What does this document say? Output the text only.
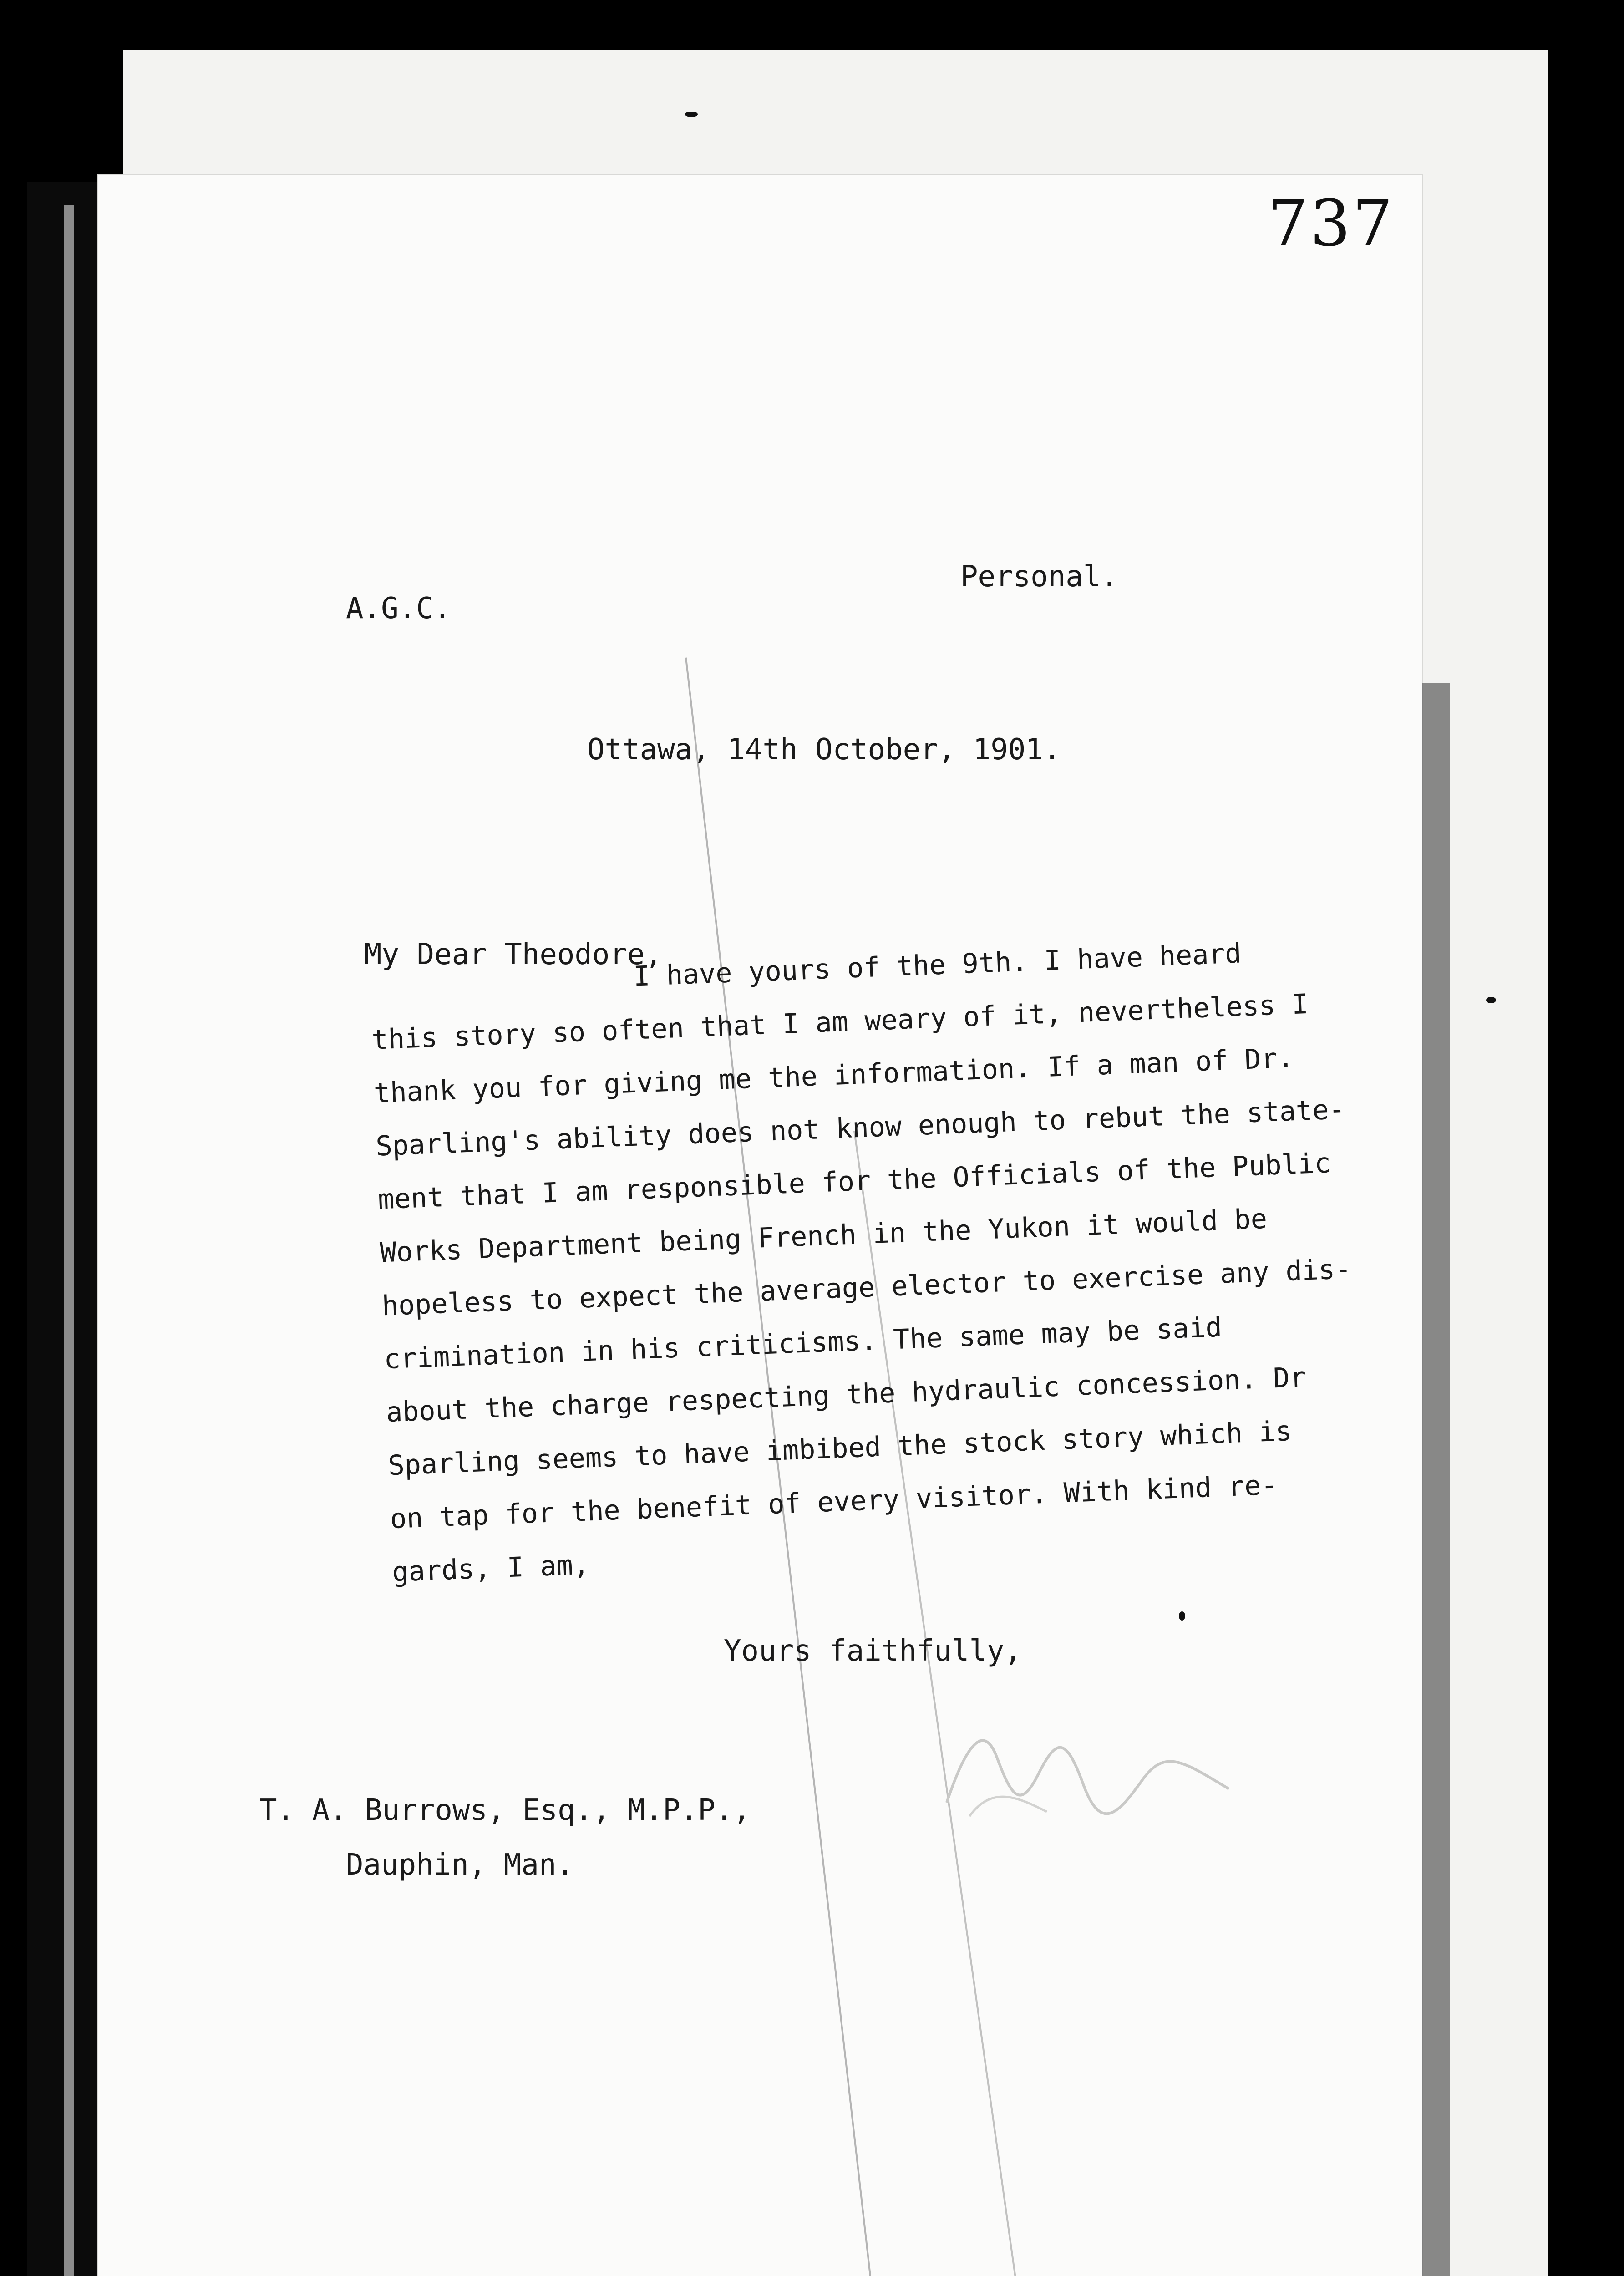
737
Personal.
A.G.C.
Ottawa, 14th October, 1901.
My Dear Theodore,
I have yours of the 9th. I have heard
this story so often that I am weary of it, nevertheless I
thank you for giving me the information. If a man of Dr.
Sparling's ability does not know enough to rebut the state-
ment that I am responsible for the Officials of the Public
Works Department being French in the Yukon it would be
hopeless to expect the average elector to exercise any dis-
crimination in his criticisms. The same may be said
about the charge respecting the hydraulic concession. Dr
Sparling seems to have imbibed the stock story which is
on tap for the benefit of every visitor. With kind re-
gards, I am,
Yours faithfully,
T. A. Burrows, Esq., M.P.P.,
Dauphin, Man.
